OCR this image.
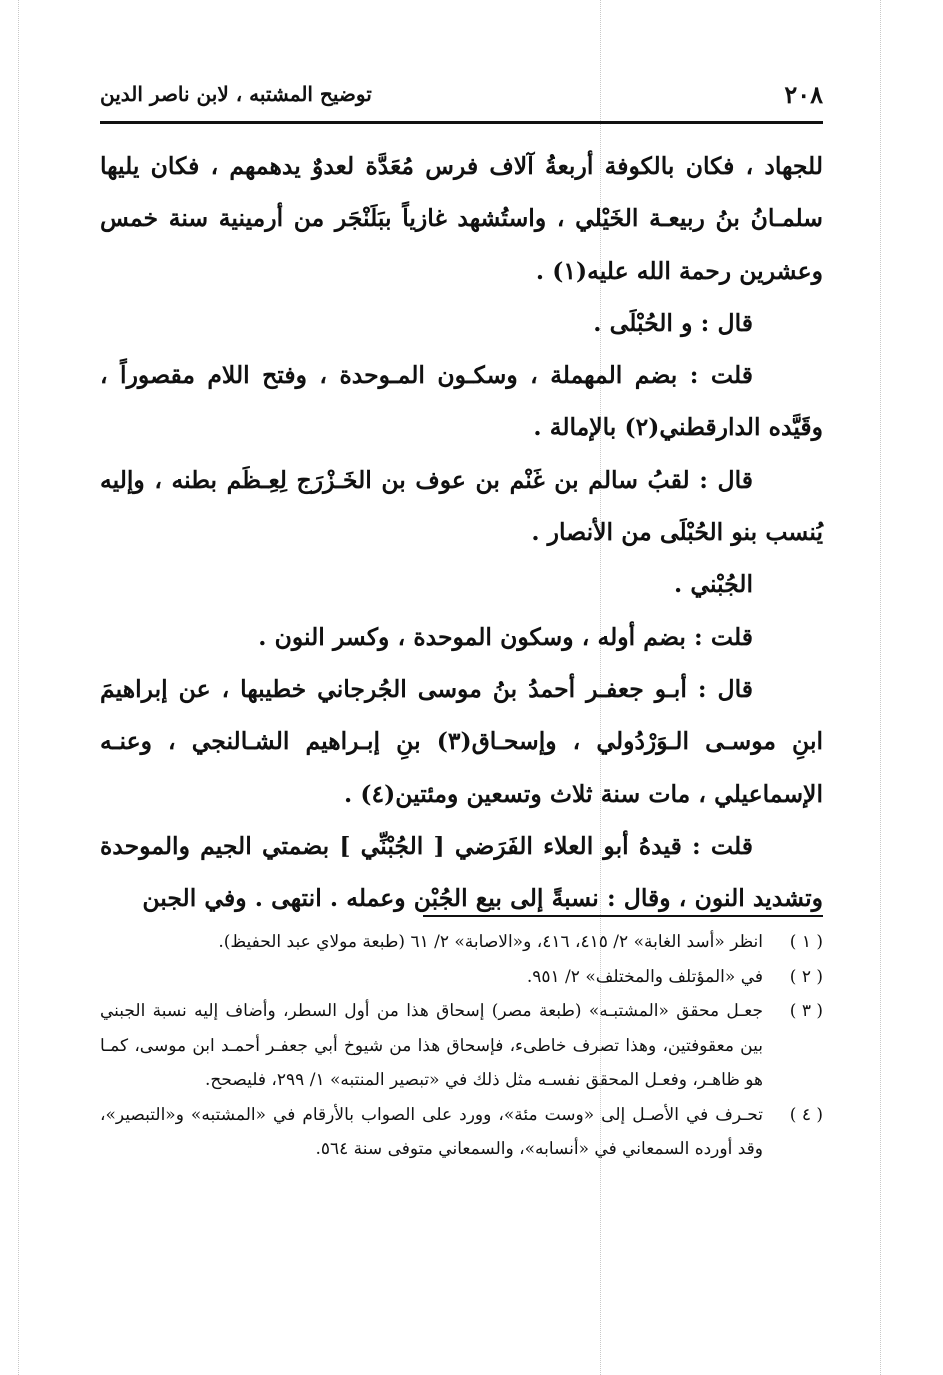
٢٠٨
توضيح المشتبه ، لابن ناصر الدين

للجهاد ، فكان بالكوفة أربعةُ آلاف فرس مُعَدَّة لعدوٌ يدهمهم ، فكان يليها سلمـانُ بنُ ربيعـة الخَيْلي ، واستُشهد غازياً ببَلَنْجَر من أرمينية سنة خمس وعشرين رحمة الله عليه(١) .

قال : و الحُبْلَى .

قلت : بضم المهملة ، وسكـون المـوحدة ، وفتح اللام مقصوراً ، وقَيَّده الدارقطني(٢) بالإمالة .

قال : لقبُ سالم بن غَنْم بن عوف بن الخَـزْرَج لِعِـظَم بطنه ، وإليه يُنسب بنو الحُبْلَى من الأنصار .

الجُبْني .

قلت : بضم أوله ، وسكون الموحدة ، وكسر النون .

قال : أبـو جعفـر أحمدُ بنُ موسى الجُرجاني خطيبها ، عن إبراهيمَ ابنِ موسـى الـوَرْدُولي ، وإسحـاق(٣) بنِ إبـراهيم الشـالنجي ، وعنـه الإسماعيلي ، مات سنة ثلاث وتسعين ومئتين(٤) .

قلت : قيدهُ أبو العلاء الفَرَضي [ الجُبْنِّي ] بضمتي الجيم والموحدة وتشديد النون ، وقال : نسبةً إلى بيع الجُبْن وعمله . انتهى . وفي الجبن

( ١ )انظر «أسد الغابة» ٢/ ٤١٥، ٤١٦، و«الاصابة» ٢/ ٦١ (طبعة مولاي عبد الحفيظ).

( ٢ )في «المؤتلف والمختلف» ٢/ ٩٥١.

( ٣ )جعـل محقق «المشتبـه» (طبعة مصر) إسحاق هذا من أول السطر، وأضاف إليه نسبة الجبني بين معقوفتين، وهذا تصرف خاطىء، فإسحاق هذا من شيوخ أبي جعفـر أحمـد ابن موسى، كمـا هو ظاهـر، وفعـل المحقق نفسـه مثل ذلك في «تبصير المنتبه» ١/ ٢٩٩، فليصحح.

( ٤ )تحـرف في الأصـل إلى «وست مئة»، وورد على الصواب بالأرقام في «المشتبه» و«التبصير»، وقد أورده السمعاني في «أنسابه»، والسمعاني متوفى سنة ٥٦٤.
